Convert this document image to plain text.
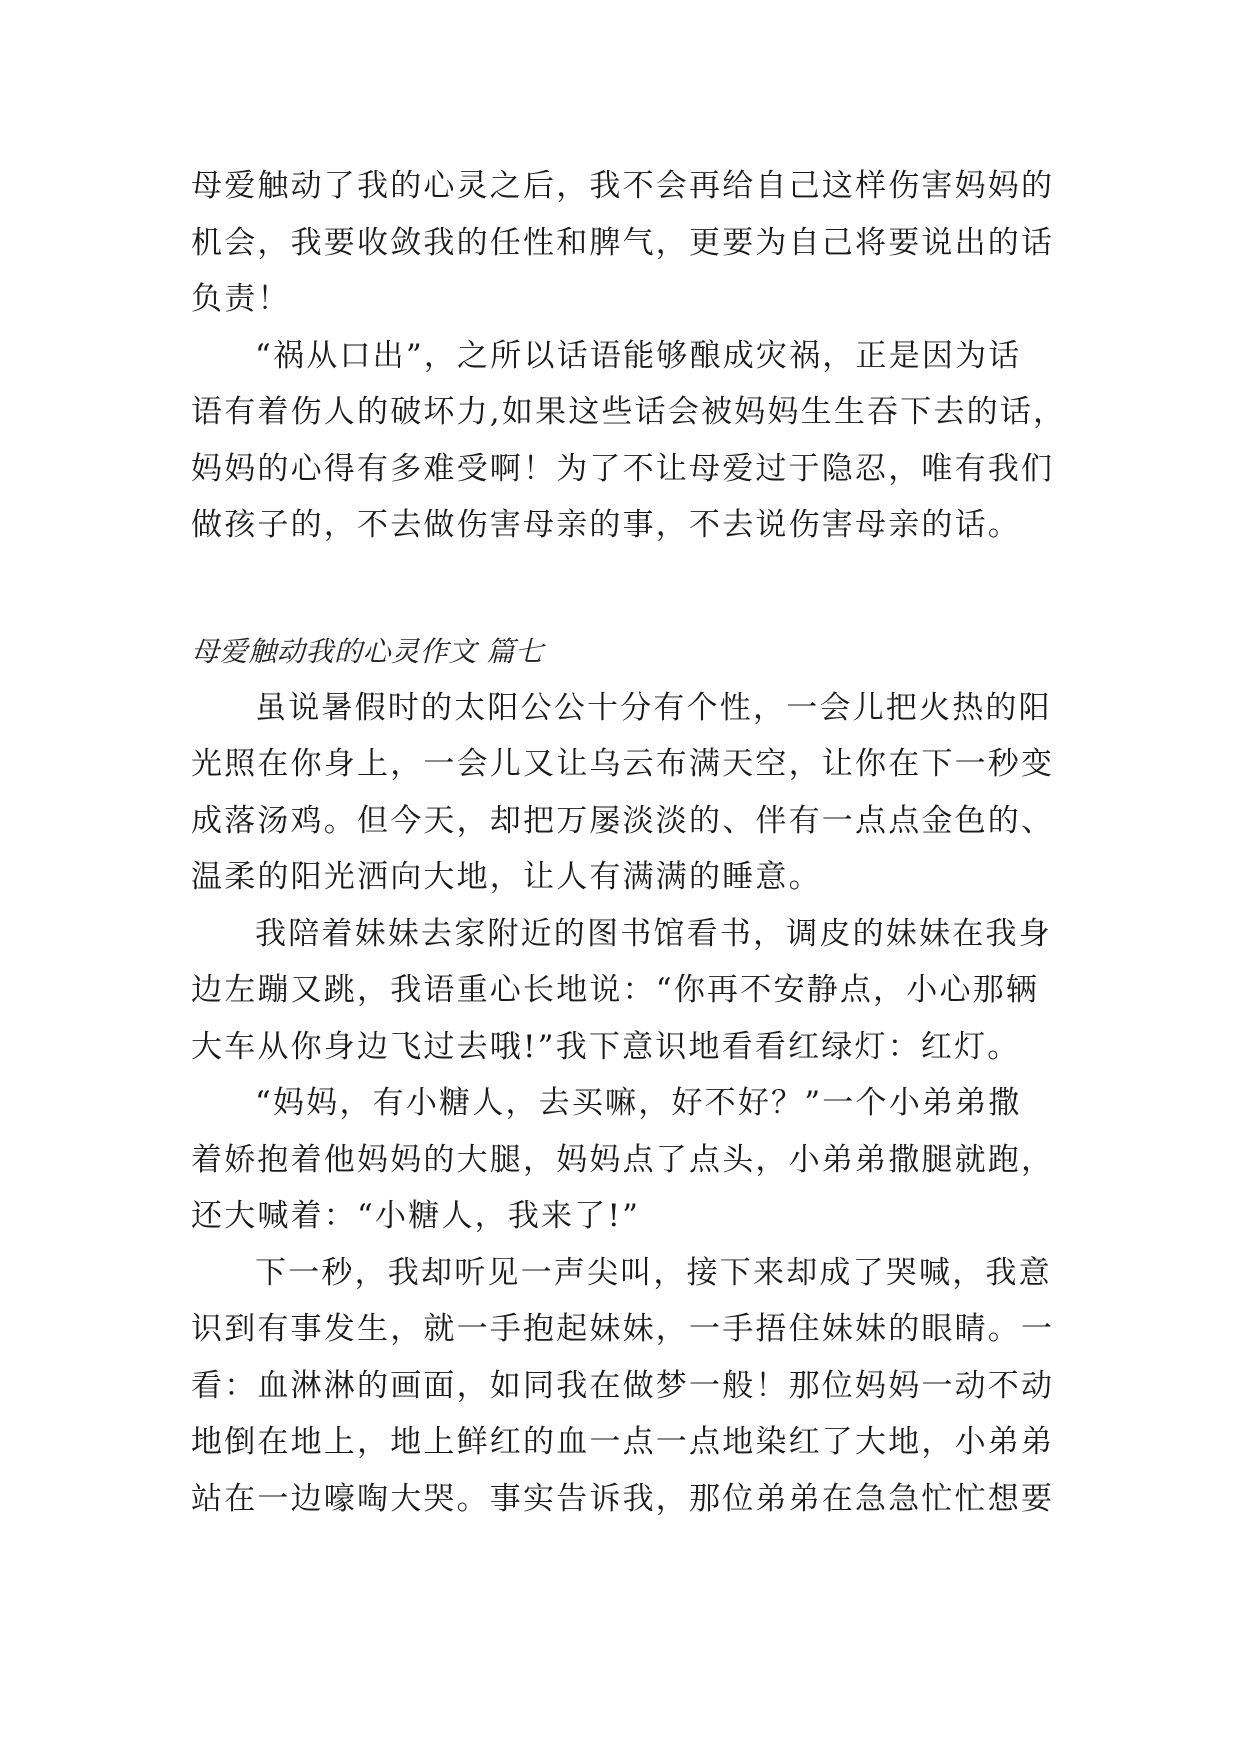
母爱触动了我的心灵之后，我不会再给自己这样伤害妈妈的
机会，我要收敛我的任性和脾气，更要为自己将要说出的话
负责！
“祸从口出”，之所以话语能够酿成灾祸，正是因为话
语有着伤人的破坏力,如果这些话会被妈妈生生吞下去的话，
妈妈的心得有多难受啊！为了不让母爱过于隐忍，唯有我们
做孩子的，不去做伤害母亲的事，不去说伤害母亲的话。
母爱触动我的心灵作文 篇七
虽说暑假时的太阳公公十分有个性，一会儿把火热的阳
光照在你身上，一会儿又让乌云布满天空，让你在下一秒变
成落汤鸡。但今天，却把万屡淡淡的、伴有一点点金色的、
温柔的阳光洒向大地，让人有满满的睡意。
我陪着妹妹去家附近的图书馆看书，调皮的妹妹在我身
边左蹦又跳，我语重心长地说：“你再不安静点，小心那辆
大车从你身边飞过去哦!”我下意识地看看红绿灯：红灯。
“妈妈，有小糖人，去买嘛，好不好？”一个小弟弟撒
着娇抱着他妈妈的大腿，妈妈点了点头，小弟弟撒腿就跑，
还大喊着：“小糖人，我来了!”
下一秒，我却听见一声尖叫，接下来却成了哭喊，我意
识到有事发生，就一手抱起妹妹，一手捂住妹妹的眼睛。一
看：血淋淋的画面，如同我在做梦一般！那位妈妈一动不动
地倒在地上，地上鲜红的血一点一点地染红了大地，小弟弟
站在一边嚎啕大哭。事实告诉我，那位弟弟在急急忙忙想要
